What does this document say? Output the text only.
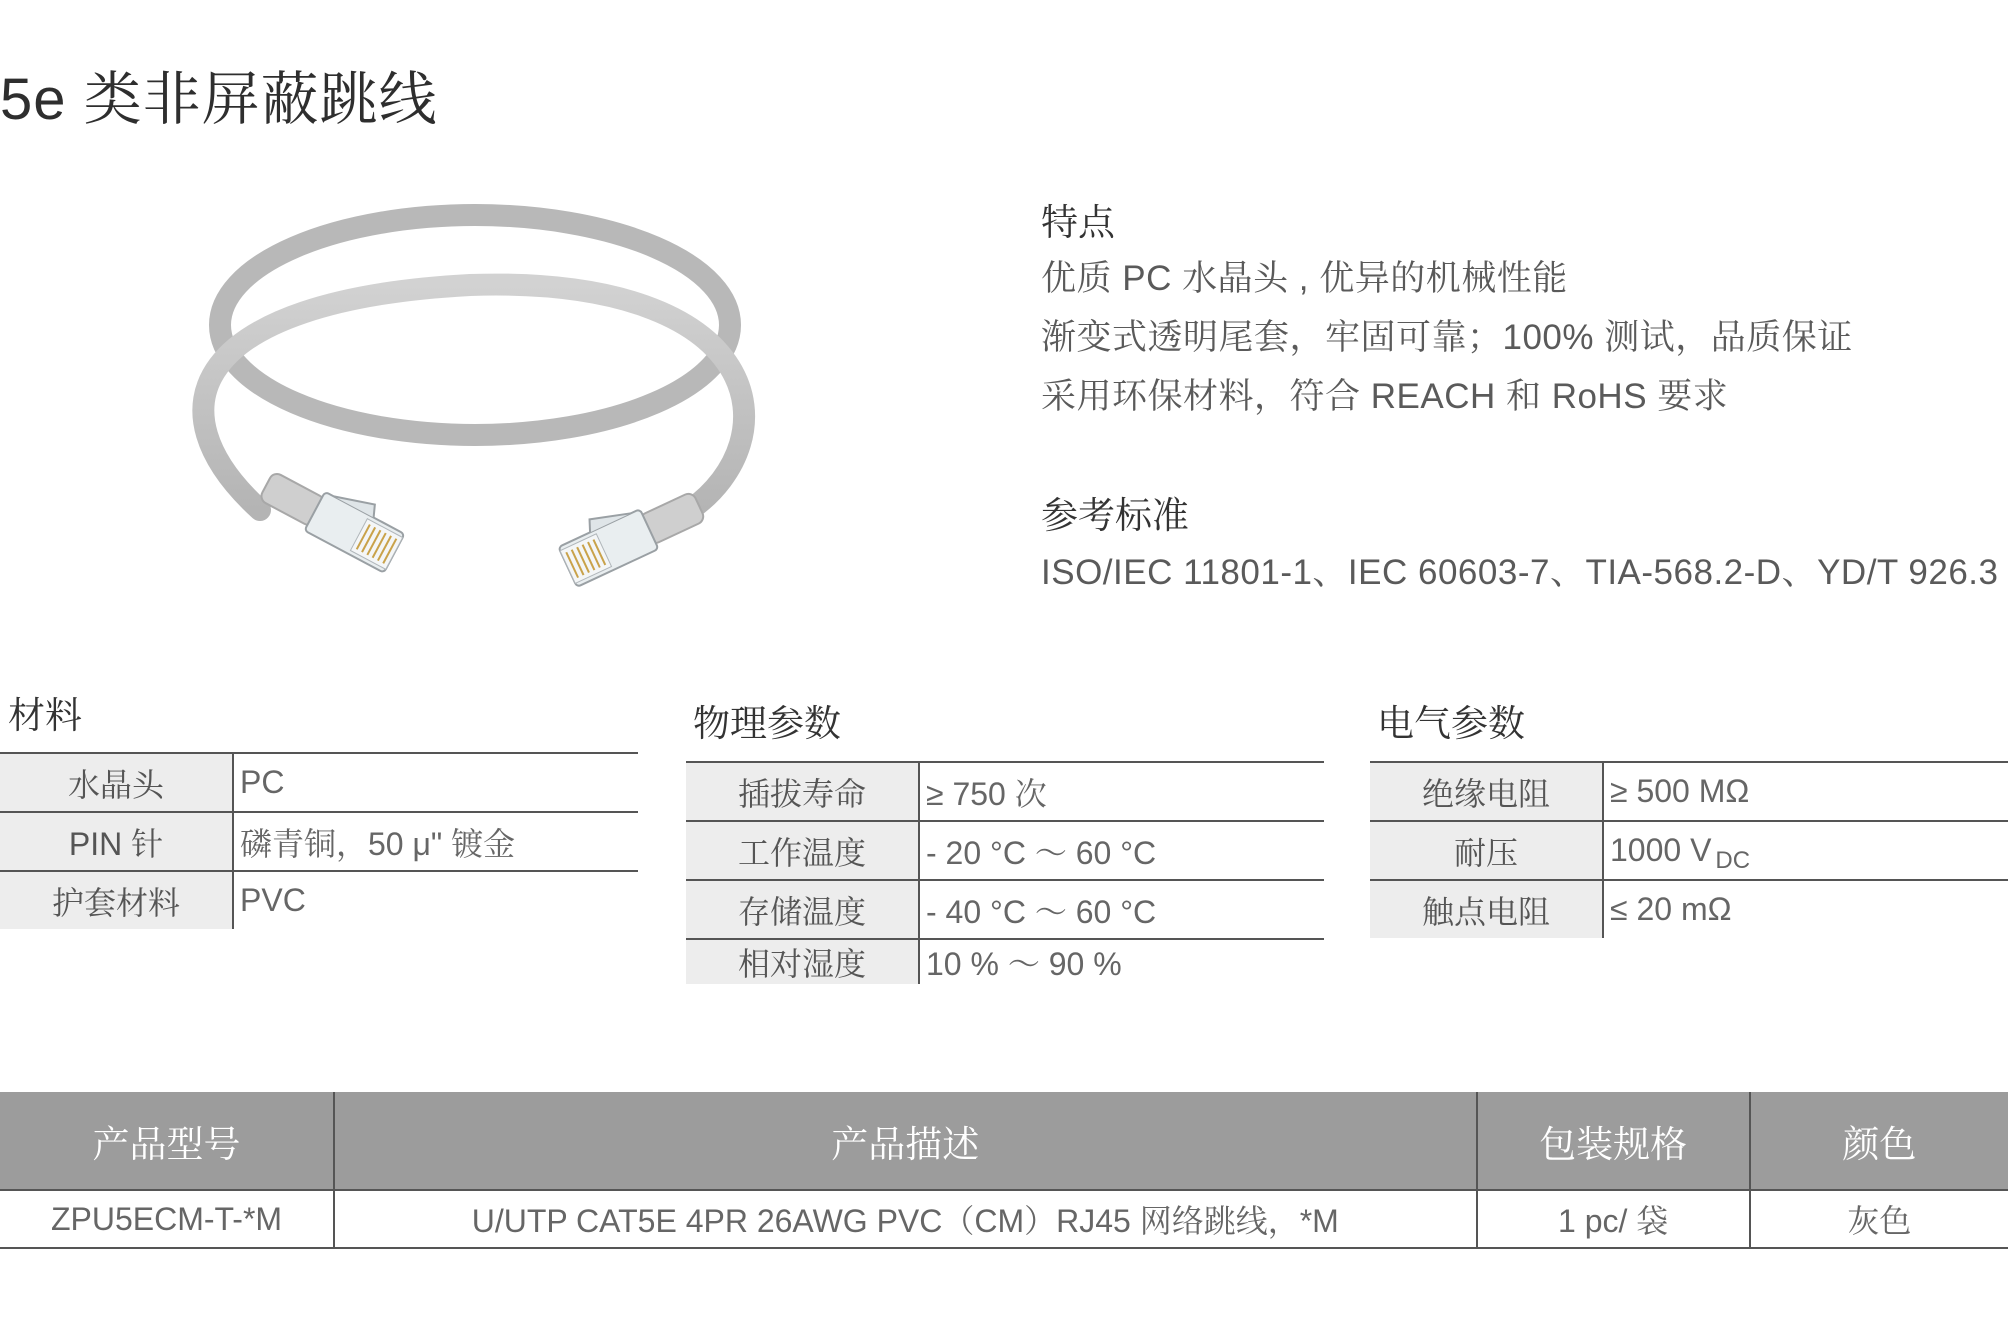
5e 类非屏蔽跳线
特点
优质 PC 水晶头 , 优异的机械性能
渐变式透明尾套，牢固可靠；100% 测试，品质保证
采用环保材料，符合 REACH 和 RoHS 要求
参考标准
ISO/IEC 11801-1、IEC 60603-7、TIA-568.2-D、YD/T 926.3
材料
水晶头	PC
PIN 针	磷青铜，50 μ" 镀金
护套材料	PVC
物理参数
插拔寿命	≥ 750 次
工作温度	- 20 °C ～ 60 °C
存储温度	- 40 °C ～ 60 °C
相对湿度	10 % ～ 90 %
电气参数
绝缘电阻	≥ 500 MΩ
耐压	1000 V DC
触点电阻	≤ 20 mΩ
产品型号	产品描述	包装规格	颜色
ZPU5ECM-T-*M	U/UTP CAT5E 4PR 26AWG PVC（CM）RJ45 网络跳线，*M	1 pc/ 袋	灰色
